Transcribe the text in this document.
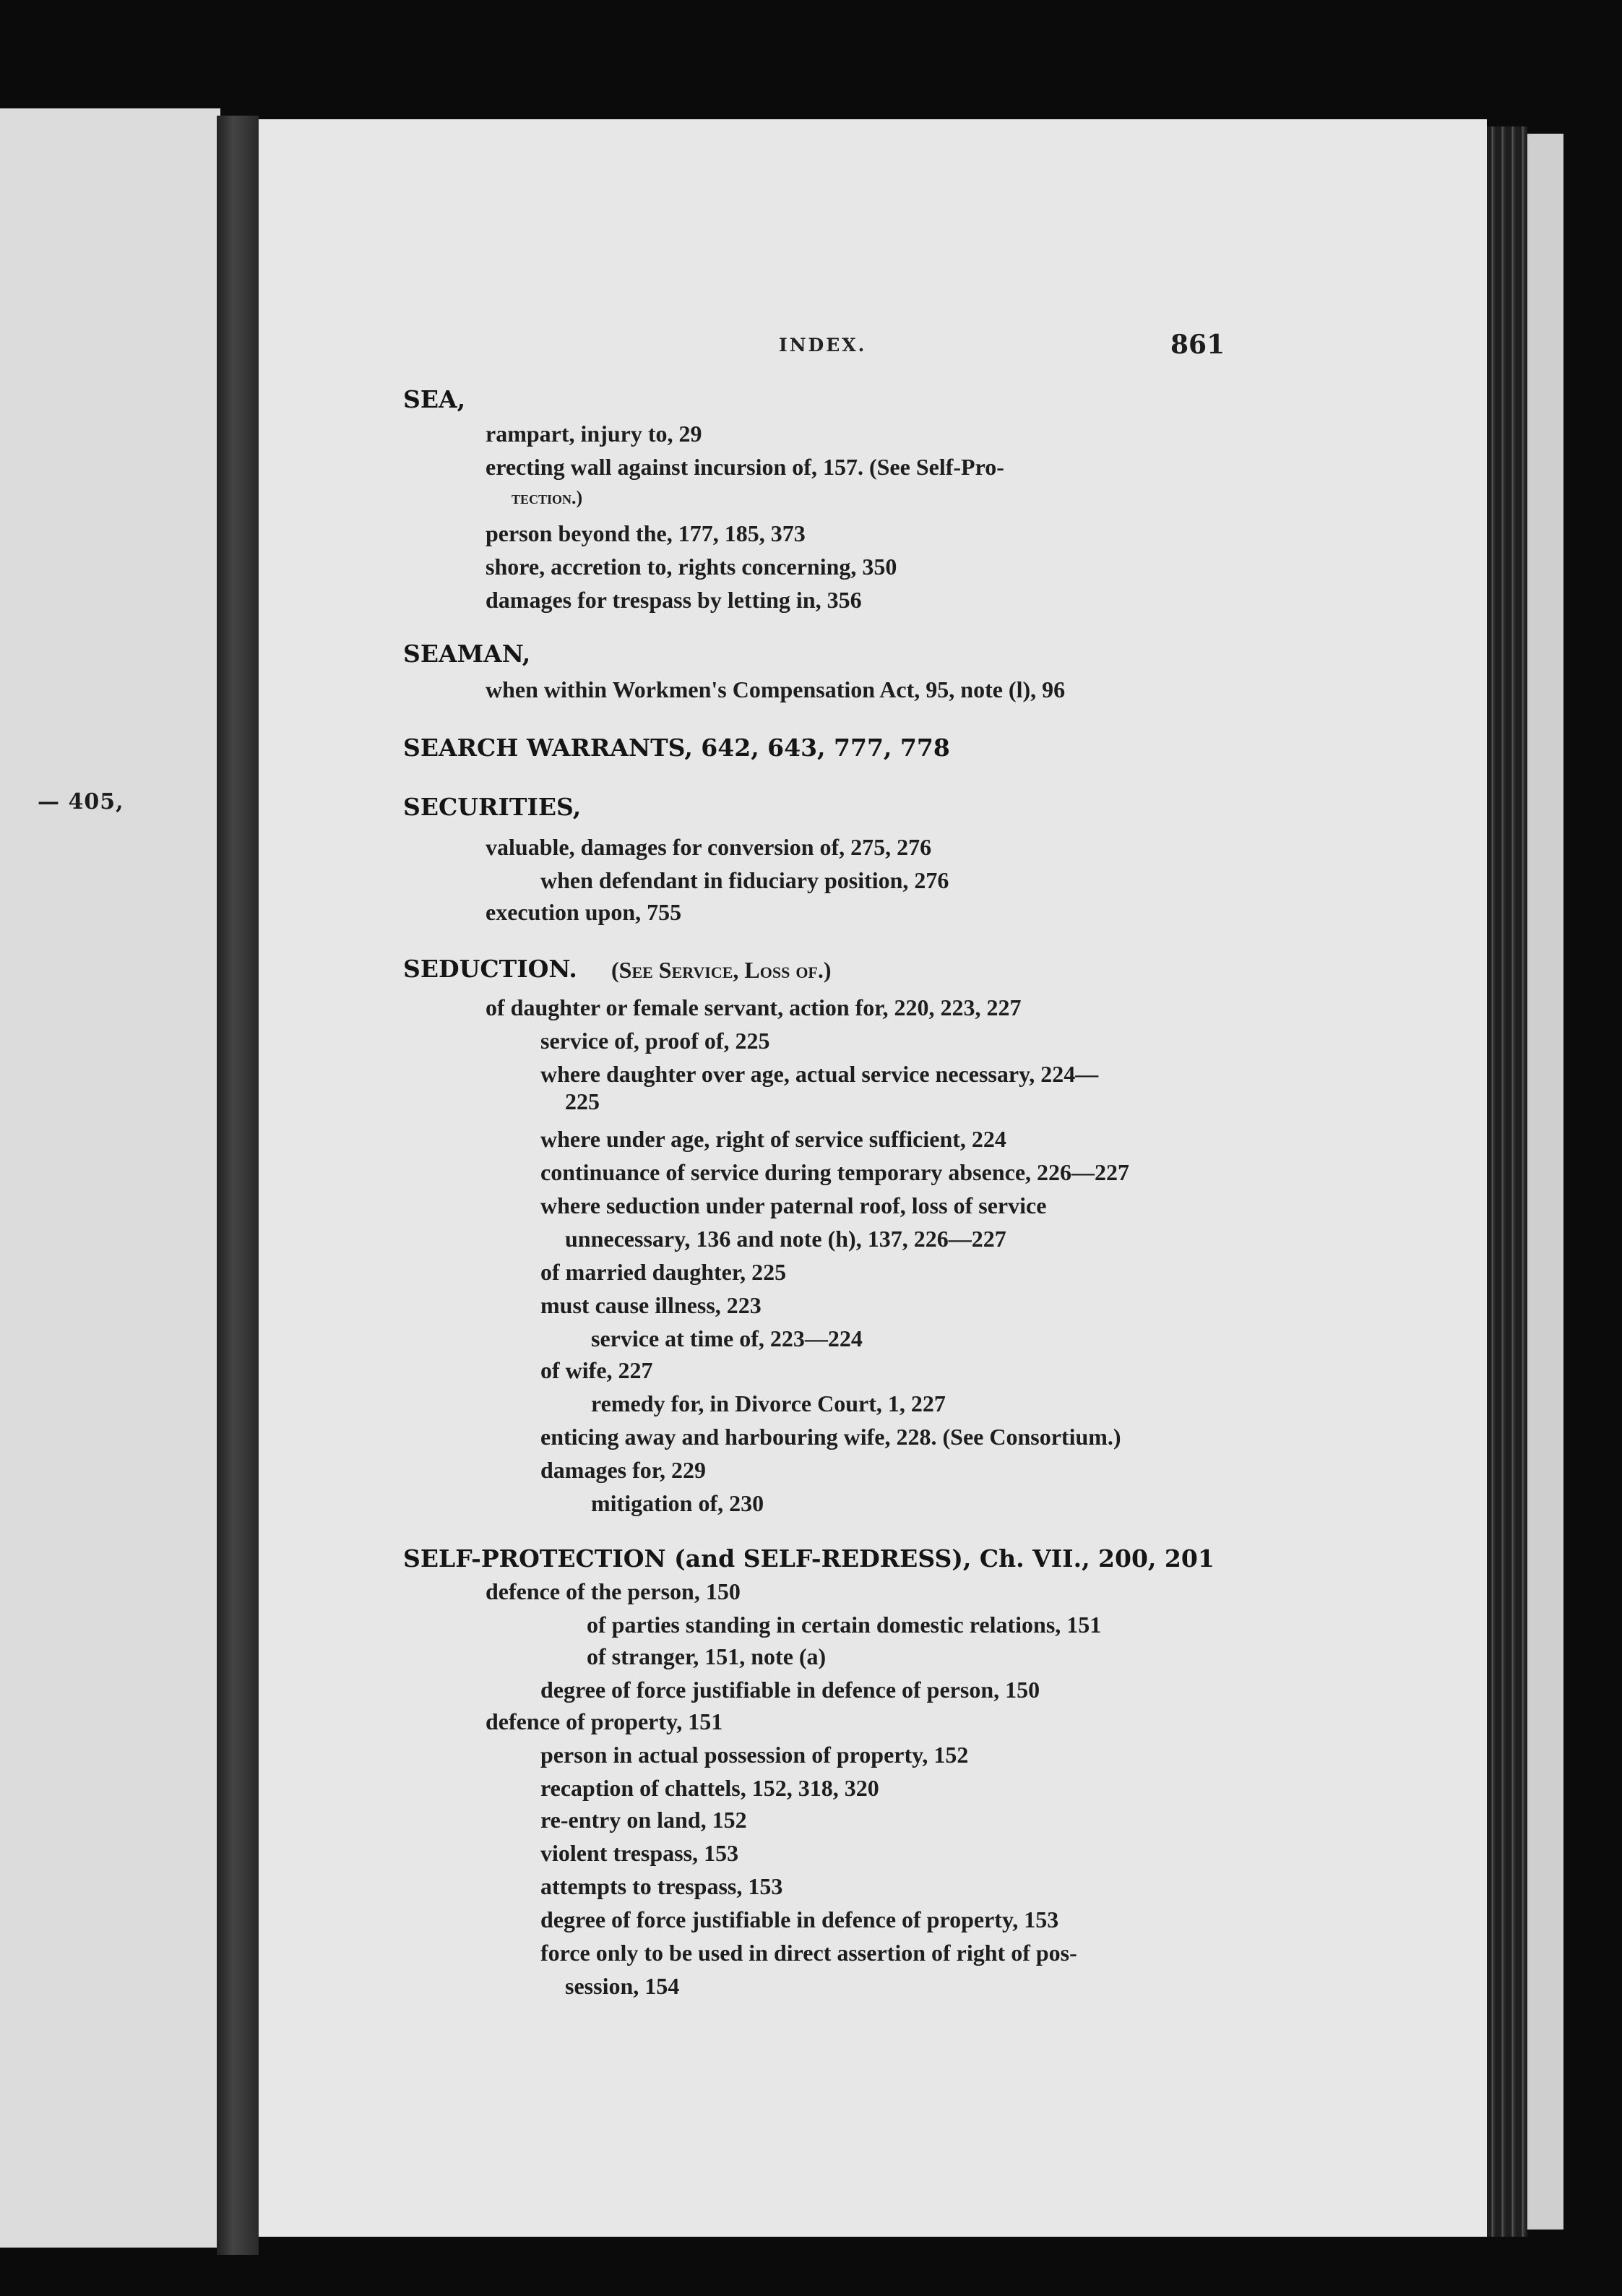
— 405,
INDEX.	861
SEA,
rampart, injury to, 29
erecting wall against incursion of, 157. (See Self-Pro-
tection.)
person beyond the, 177, 185, 373
shore, accretion to, rights concerning, 350
damages for trespass by letting in, 356
SEAMAN,
when within Workmen's Compensation Act, 95, note (l), 96
SEARCH WARRANTS, 642, 643, 777, 778
SECURITIES,
valuable, damages for conversion of, 275, 276
when defendant in fiduciary position, 276
execution upon, 755
SEDUCTION. (See Service, Loss of.)
of daughter or female servant, action for, 220, 223, 227
service of, proof of, 225
where daughter over age, actual service necessary, 224—
225
where under age, right of service sufficient, 224
continuance of service during temporary absence, 226—227
where seduction under paternal roof, loss of service
unnecessary, 136 and note (h), 137, 226—227
of married daughter, 225
must cause illness, 223
service at time of, 223—224
of wife, 227
remedy for, in Divorce Court, 1, 227
enticing away and harbouring wife, 228. (See Consortium.)
damages for, 229
mitigation of, 230
SELF-PROTECTION (and SELF-REDRESS), Ch. VII., 200, 201
defence of the person, 150
of parties standing in certain domestic relations, 151
of stranger, 151, note (a)
degree of force justifiable in defence of person, 150
defence of property, 151
person in actual possession of property, 152
recaption of chattels, 152, 318, 320
re-entry on land, 152
violent trespass, 153
attempts to trespass, 153
degree of force justifiable in defence of property, 153
force only to be used in direct assertion of right of pos-
session, 154
